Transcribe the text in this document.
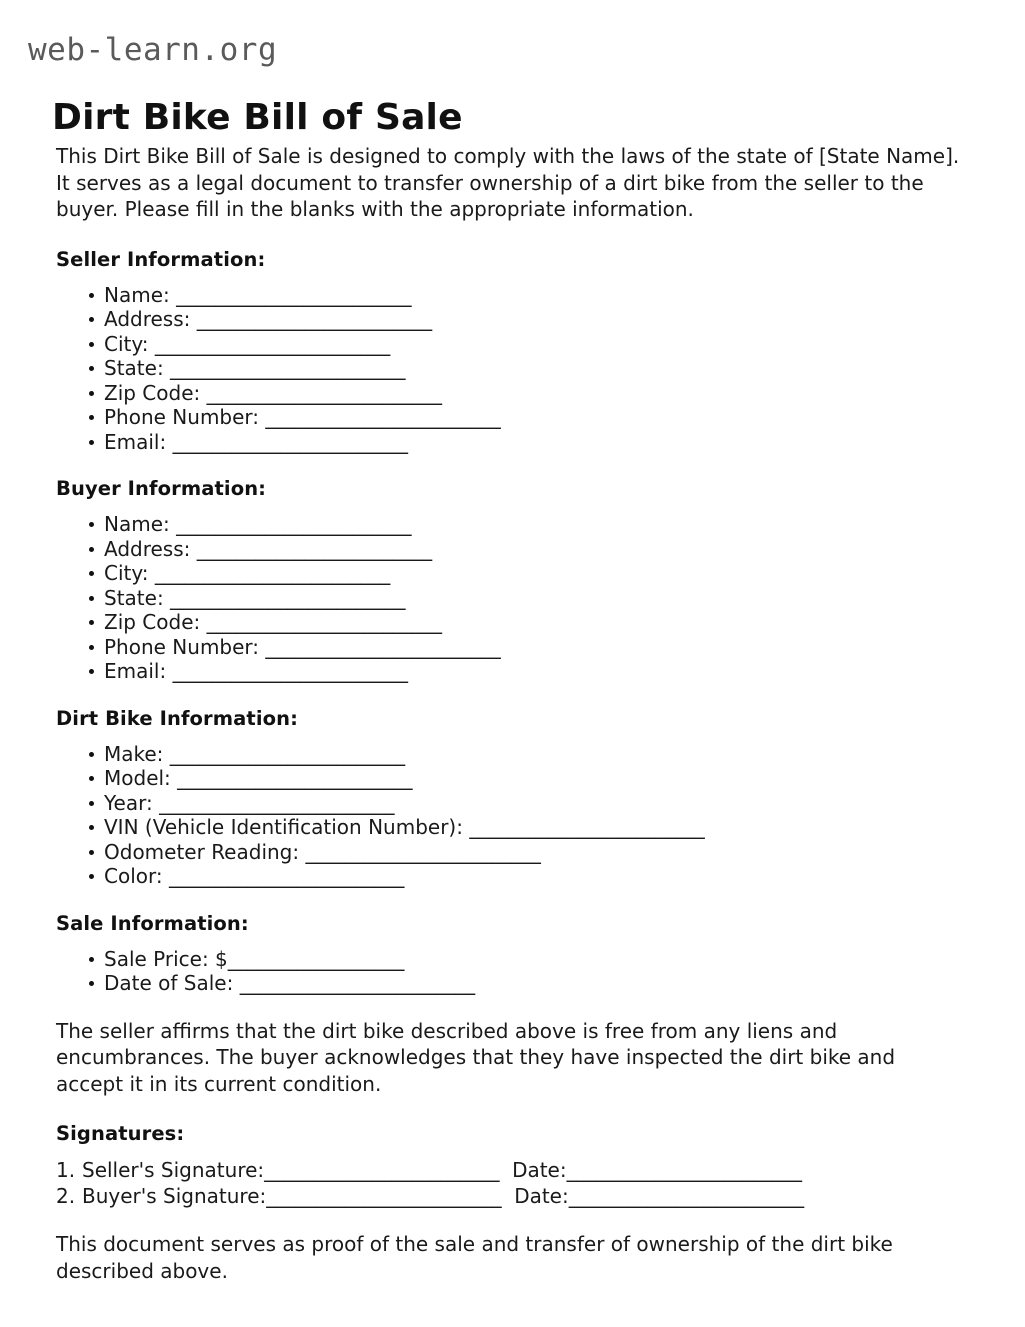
web-learn.org
Dirt Bike Bill of Sale

This Dirt Bike Bill of Sale is designed to comply with the laws of the state of [State Name]. It serves as a legal document to transfer ownership of a dirt bike from the seller to the buyer. Please fill in the blanks with the appropriate information.

Seller Information:
Name: ________________________
Address: ________________________
City: ________________________
State: ________________________
Zip Code: ________________________
Phone Number: ________________________
Email: ________________________
Buyer Information:
Name: ________________________
Address: ________________________
City: ________________________
State: ________________________
Zip Code: ________________________
Phone Number: ________________________
Email: ________________________
Dirt Bike Information:
Make: ________________________
Model: ________________________
Year: ________________________
VIN (Vehicle Identification Number): ________________________
Odometer Reading: ________________________
Color: ________________________
Sale Information:
Sale Price: $__________________
Date of Sale: ________________________

The seller affirms that the dirt bike described above is free from any liens and encumbrances. The buyer acknowledges that they have inspected the dirt bike and accept it in its current condition.

Signatures:
Seller's Signature:________________________ Date:________________________
Buyer's Signature:________________________ Date:________________________

This document serves as proof of the sale and transfer of ownership of the dirt bike described above.
